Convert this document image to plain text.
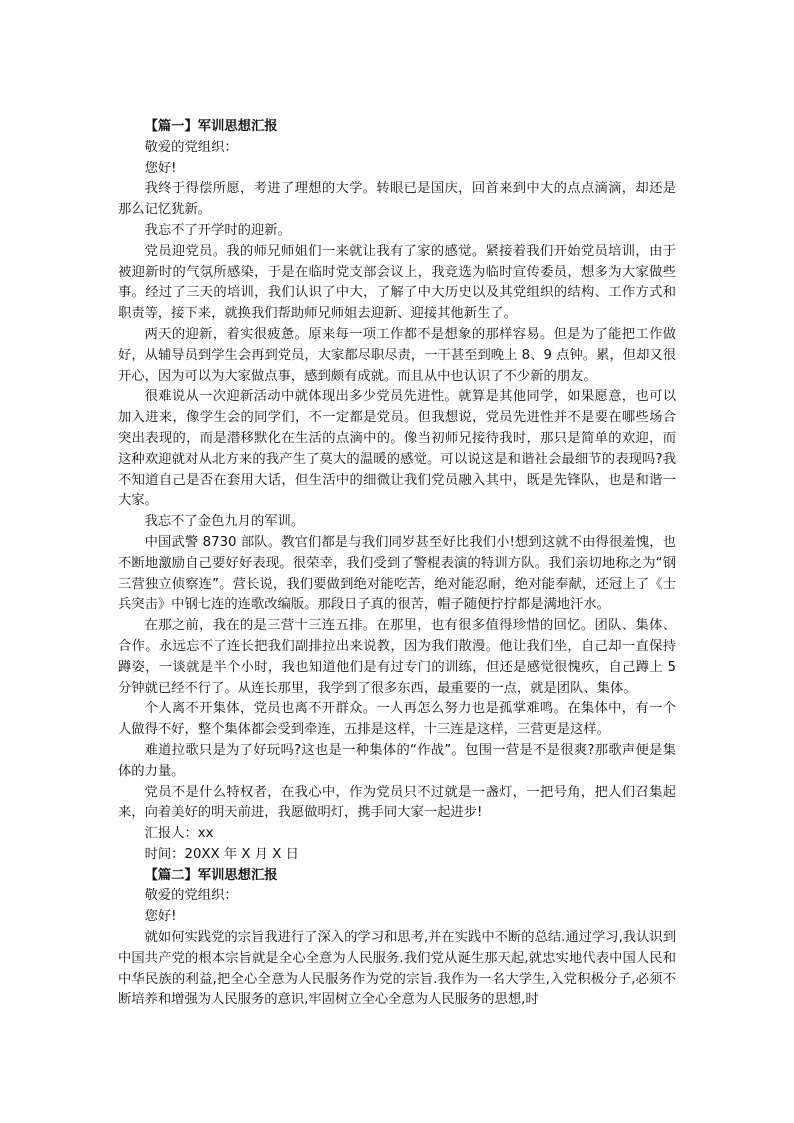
【篇一】军训思想汇报

敬爱的党组织：

您好!

我终于得偿所愿，考进了理想的大学。转眼已是国庆，回首来到中大的点点滴滴，却还是那么记忆犹新。

我忘不了开学时的迎新。

党员迎党员。我的师兄师姐们一来就让我有了家的感觉。紧接着我们开始党员培训，由于被迎新时的气氛所感染，于是在临时党支部会议上，我竞选为临时宣传委员，想多为大家做些事。经过了三天的培训，我们认识了中大，了解了中大历史以及其党组织的结构、工作方式和职责等，接下来，就换我们帮助师兄师姐去迎新、迎接其他新生了。

两天的迎新，着实很疲惫。原来每一项工作都不是想象的那样容易。但是为了能把工作做好，从辅导员到学生会再到党员，大家都尽职尽责，一干甚至到晚上 8、9 点钟。累，但却又很开心，因为可以为大家做点事，感到颇有成就。而且从中也认识了不少新的朋友。

很难说从一次迎新活动中就体现出多少党员先进性。就算是其他同学，如果愿意，也可以加入进来，像学生会的同学们，不一定都是党员。但我想说，党员先进性并不是要在哪些场合突出表现的，而是潜移默化在生活的点滴中的。像当初师兄接待我时，那只是简单的欢迎，而这种欢迎就对从北方来的我产生了莫大的温暖的感觉。可以说这是和谐社会最细节的表现吗?我不知道自己是否在套用大话，但生活中的细微让我们党员融入其中，既是先锋队，也是和谐一大家。

我忘不了金色九月的军训。

中国武警 8730 部队。教官们都是与我们同岁甚至好比我们小!想到这就不由得很羞愧，也不断地激励自己要好好表现。很荣幸，我们受到了警棍表演的特训方队。我们亲切地称之为“钢三营独立侦察连”。营长说，我们要做到绝对能吃苦，绝对能忍耐，绝对能奉献，还冠上了《士兵突击》中钢七连的连歌改编版。那段日子真的很苦，帽子随便拧拧都是满地汗水。

在那之前，我在的是三营十三连五排。在那里，也有很多值得珍惜的回忆。团队、集体、合作。永远忘不了连长把我们副排拉出来说教，因为我们散漫。他让我们坐，自己却一直保持蹲姿，一谈就是半个小时，我也知道他们是有过专门的训练，但还是感觉很愧疚，自己蹲上 5 分钟就已经不行了。从连长那里，我学到了很多东西，最重要的一点，就是团队、集体。

个人离不开集体，党员也离不开群众。一人再怎么努力也是孤掌难鸣。在集体中，有一个人做得不好，整个集体都会受到牵连，五排是这样，十三连是这样，三营更是这样。

难道拉歌只是为了好玩吗?这也是一种集体的“作战”。包围一营是不是很爽?那歌声便是集体的力量。

党员不是什么特权者，在我心中，作为党员只不过就是一盏灯，一把号角，把人们召集起来，向着美好的明天前进，我愿做明灯，携手同大家一起进步!

汇报人：xx

时间：20XX 年 X 月 X 日

【篇二】军训思想汇报

敬爱的党组织：

您好!

就如何实践党的宗旨我进行了深入的学习和思考,并在实践中不断的总结.通过学习,我认识到中国共产党的根本宗旨就是全心全意为人民服务.我们党从诞生那天起,就忠实地代表中国人民和中华民族的利益,把全心全意为人民服务作为党的宗旨.我作为一名大学生,入党积极分子,必须不断培养和增强为人民服务的意识,牢固树立全心全意为人民服务的思想,时
